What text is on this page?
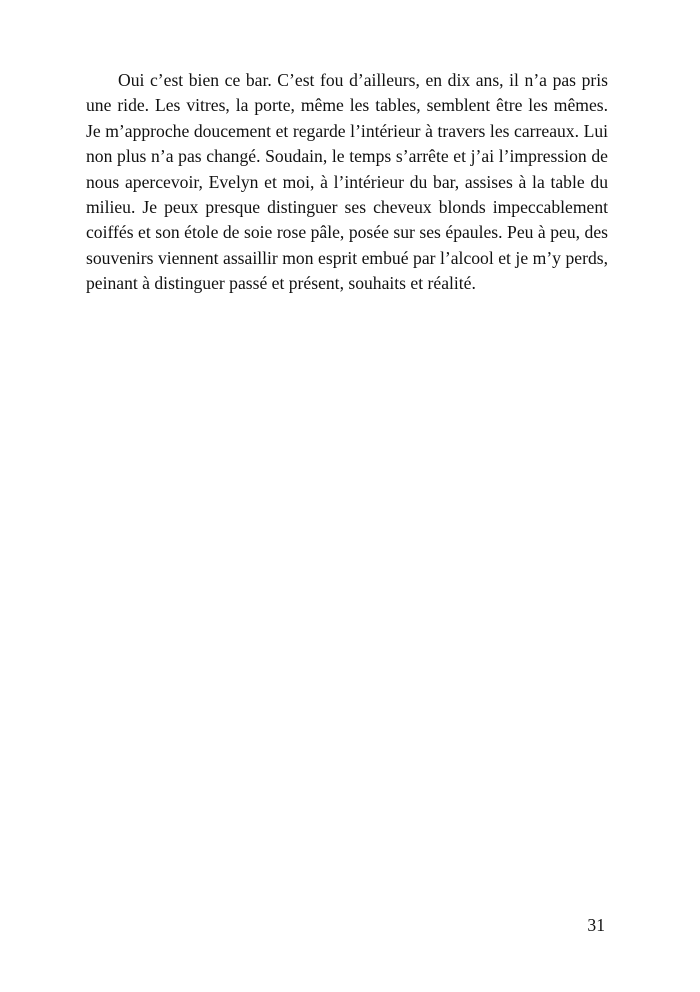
Oui c’est bien ce bar. C’est fou d’ailleurs, en dix ans, il n’a pas pris une ride. Les vitres, la porte, même les tables, semblent être les mêmes. Je m’approche doucement et regarde l’intérieur à travers les carreaux. Lui non plus n’a pas changé. Soudain, le temps s’arrête et j’ai l’impression de nous apercevoir, Evelyn et moi, à l’intérieur du bar, assises à la table du milieu. Je peux presque distinguer ses cheveux blonds impeccablement coiffés et son étole de soie rose pâle, posée sur ses épaules. Peu à peu, des souvenirs viennent assaillir mon esprit embué par l’alcool et je m’y perds, peinant à distinguer passé et présent, souhaits et réalité.

31
